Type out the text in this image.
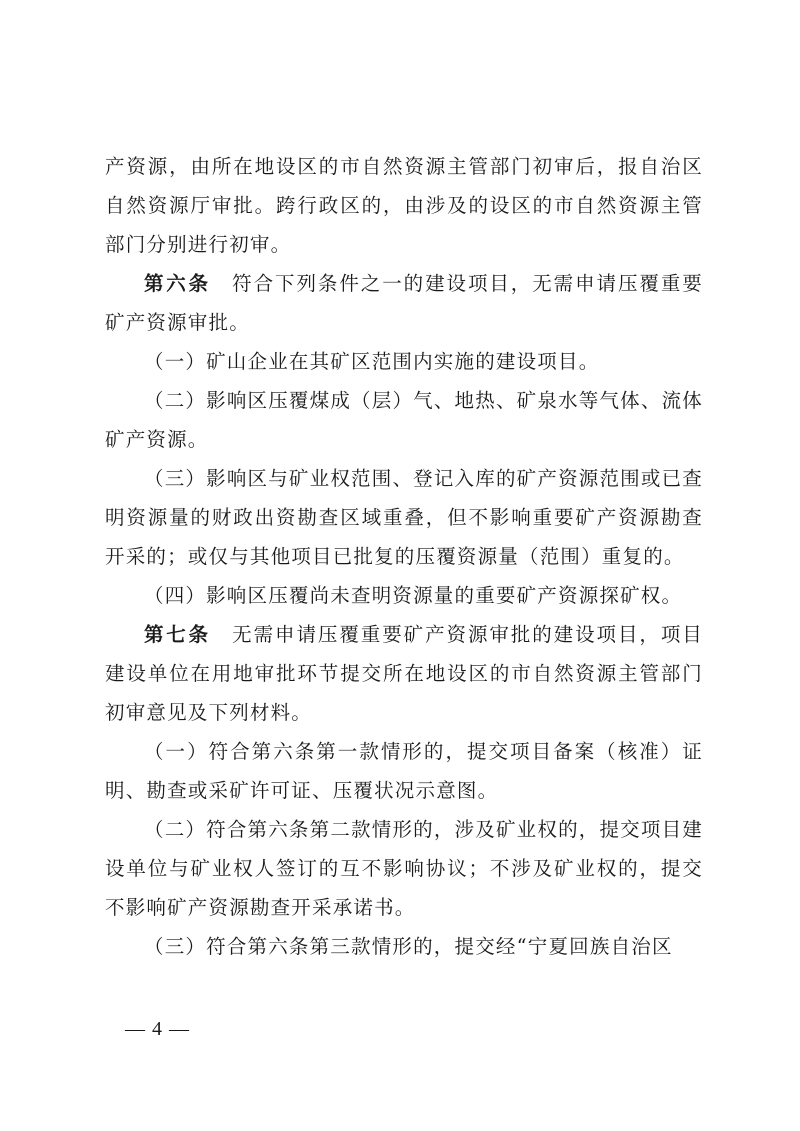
产资源，由所在地设区的市自然资源主管部门初审后，报自治区自然资源厅审批。跨行政区的，由涉及的设区的市自然资源主管部门分别进行初审。

第六条　符合下列条件之一的建设项目，无需申请压覆重要矿产资源审批。

（一）矿山企业在其矿区范围内实施的建设项目。

（二）影响区压覆煤成（层）气、地热、矿泉水等气体、流体矿产资源。

（三）影响区与矿业权范围、登记入库的矿产资源范围或已查明资源量的财政出资勘查区域重叠，但不影响重要矿产资源勘查开采的；或仅与其他项目已批复的压覆资源量（范围）重复的。

（四）影响区压覆尚未查明资源量的重要矿产资源探矿权。

第七条　无需申请压覆重要矿产资源审批的建设项目，项目建设单位在用地审批环节提交所在地设区的市自然资源主管部门初审意见及下列材料。

（一）符合第六条第一款情形的，提交项目备案（核准）证明、勘查或采矿许可证、压覆状况示意图。

（二）符合第六条第二款情形的，涉及矿业权的，提交项目建设单位与矿业权人签订的互不影响协议；不涉及矿业权的，提交不影响矿产资源勘查开采承诺书。

（三）符合第六条第三款情形的，提交经“宁夏回族自治区

— 4 —
